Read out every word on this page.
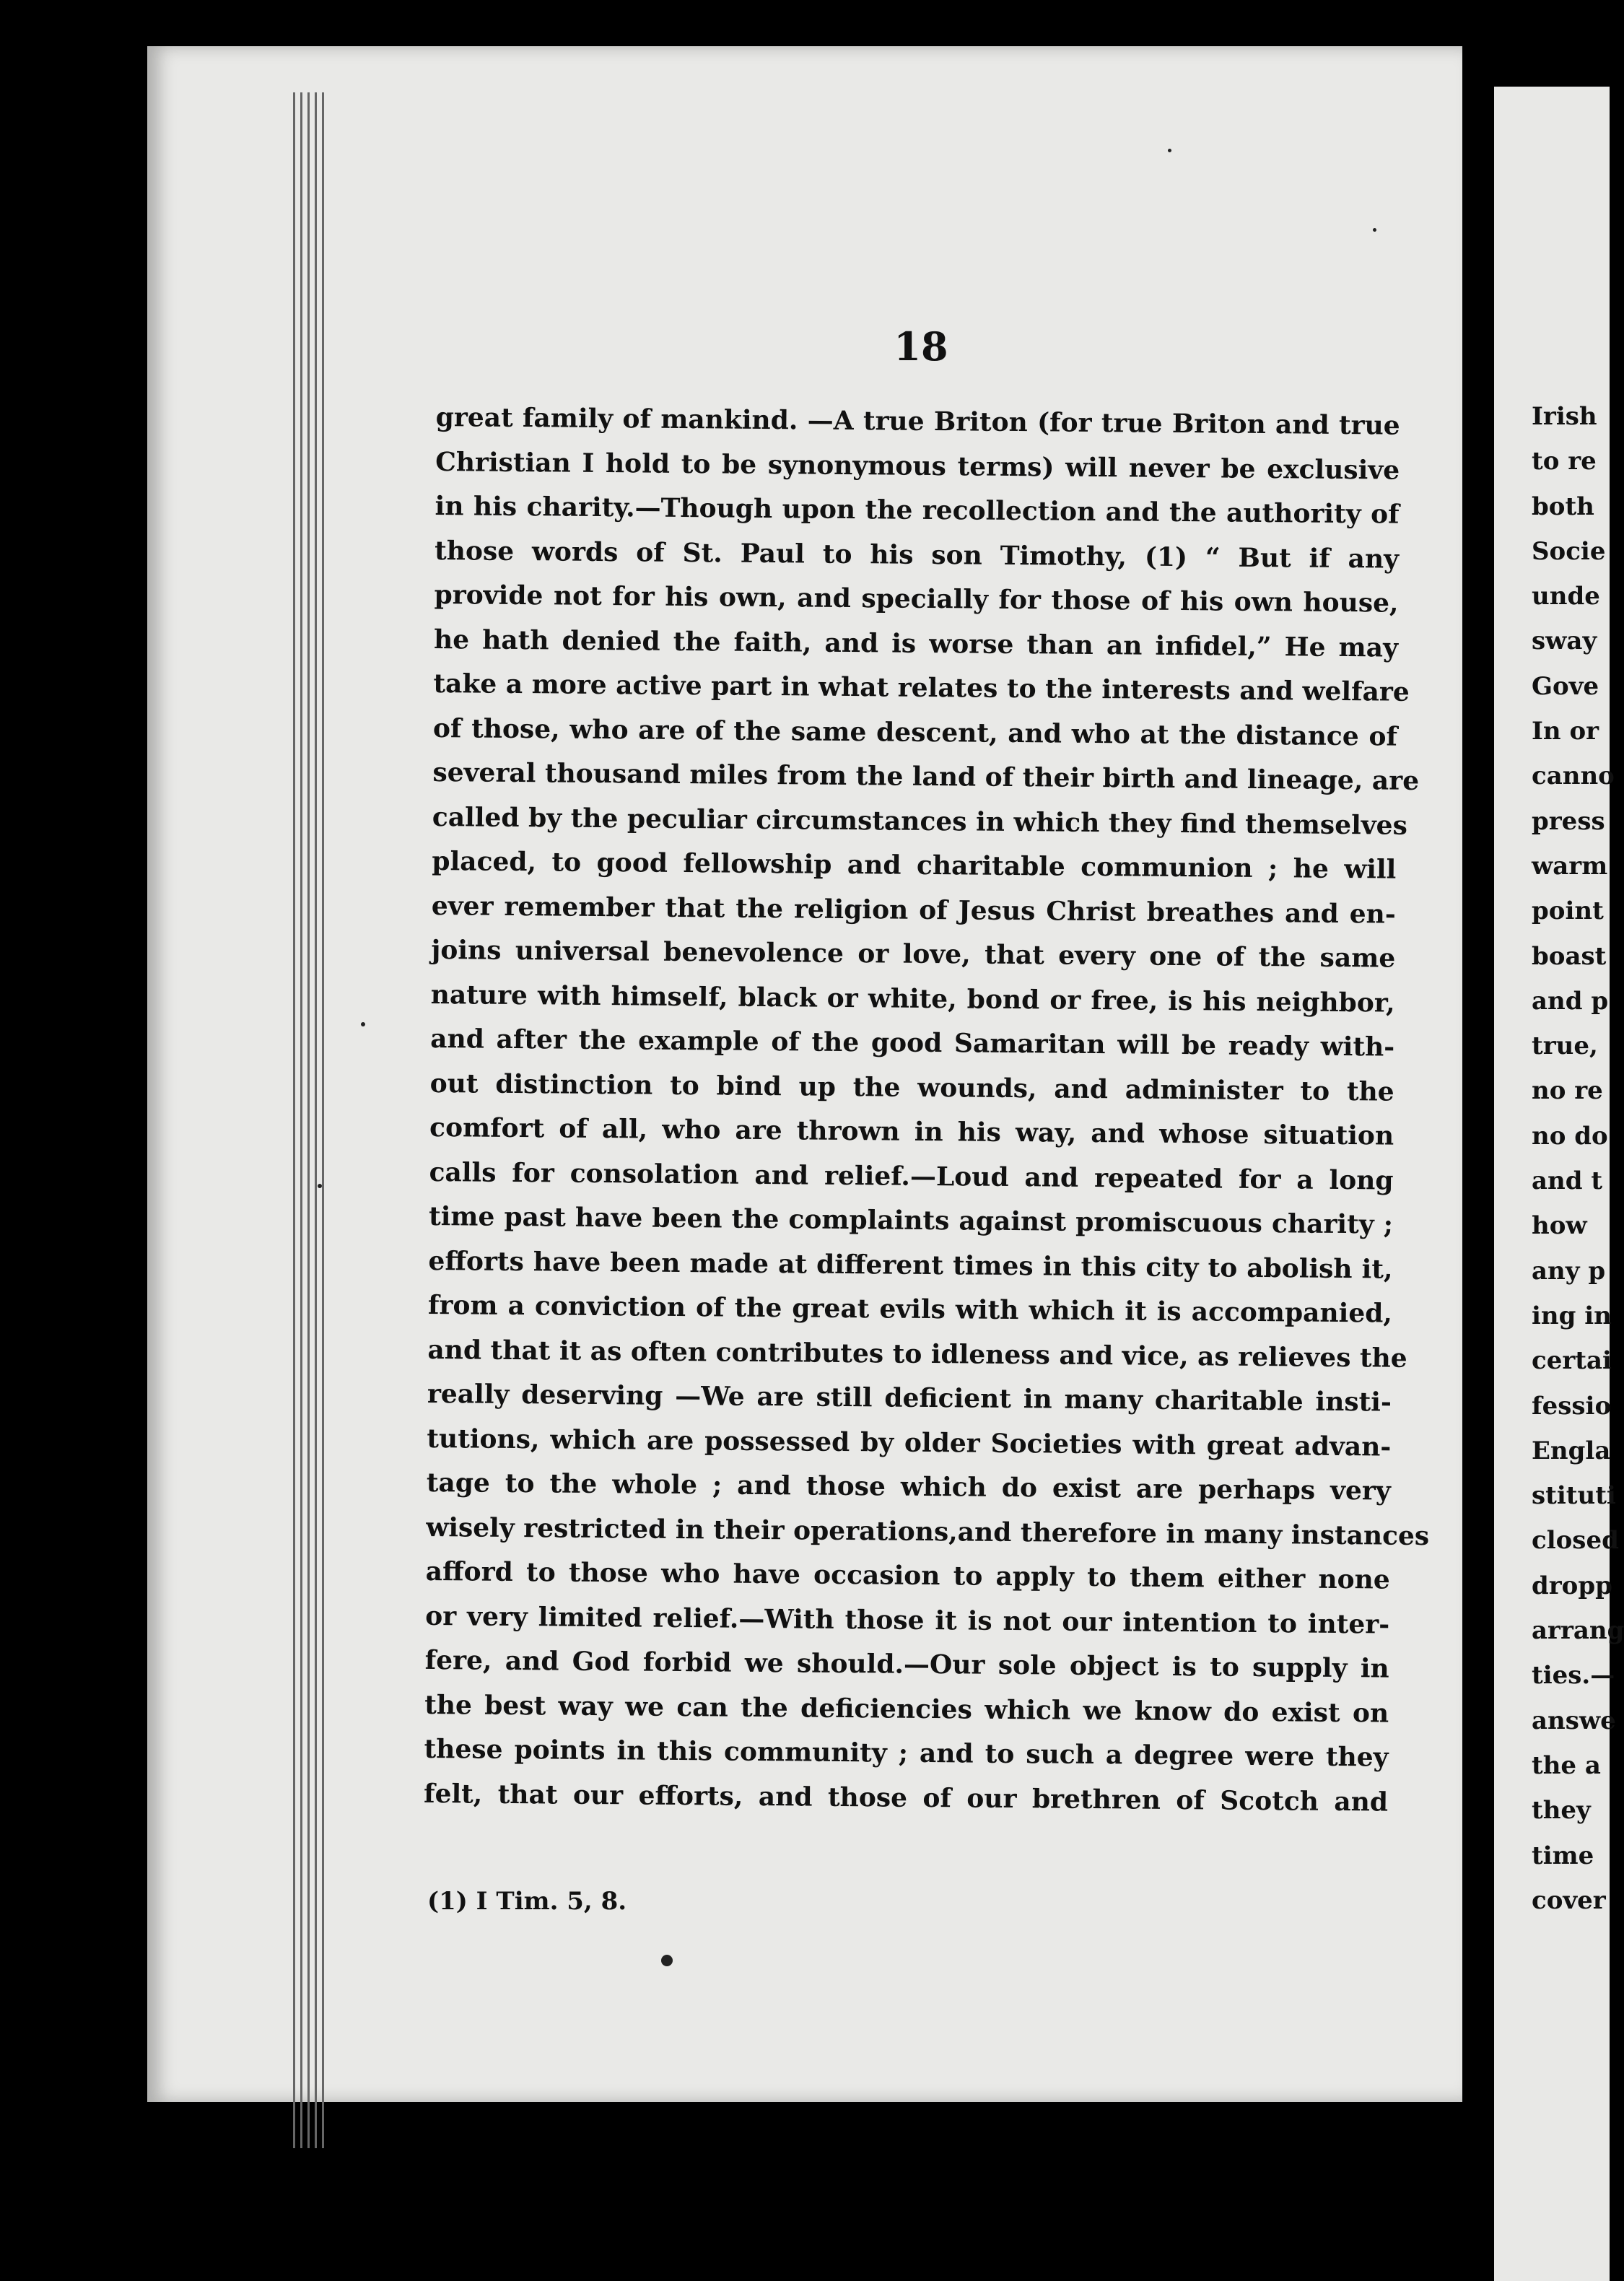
18
great family of mankind. —A true Briton (for true Briton and true
Christian I hold to be synonymous terms) will never be exclusive
in his charity.—Though upon the recollection and the authority of
those words of St. Paul to his son Timothy, (1) “ But if any
provide not for his own, and specially for those of his own house,
he hath denied the faith, and is worse than an infidel,” He may
take a more active part in what relates to the interests and welfare
of those, who are of the same descent, and who at the distance of
several thousand miles from the land of their birth and lineage, are
called by the peculiar circumstances in which they find themselves
placed, to good fellowship and charitable communion ; he will
ever remember that the religion of Jesus Christ breathes and en-
joins universal benevolence or love, that every one of the same
nature with himself, black or white, bond or free, is his neighbor,
and after the example of the good Samaritan will be ready with-
out distinction to bind up the wounds, and administer to the
comfort of all, who are thrown in his way, and whose situation
calls for consolation and relief.—Loud and repeated for a long
time past have been the complaints against promiscuous charity ;
efforts have been made at different times in this city to abolish it,
from a conviction of the great evils with which it is accompanied,
and that it as often contributes to idleness and vice, as relieves the
really deserving —We are still deficient in many charitable insti-
tutions, which are possessed by older Societies with great advan-
tage to the whole ; and those which do exist are perhaps very
wisely restricted in their operations,and therefore in many instances
afford to those who have occasion to apply to them either none
or very limited relief.—With those it is not our intention to inter-
fere, and God forbid we should.—Our sole object is to supply in
the best way we can the deficiencies which we know do exist on
these points in this community ; and to such a degree were they
felt, that our efforts, and those of our brethren of Scotch and
(1) I Tim. 5, 8.
Irish
to re
both
Socie
unde
sway
Gove
In or
canno
press
warm
point
boast
and p
true,
no re
no do
and t
how
any p
ing in
certai
fessio
Engla
stituti
closed
dropp
arrang
ties.—
answe
the a
they
time
cover
